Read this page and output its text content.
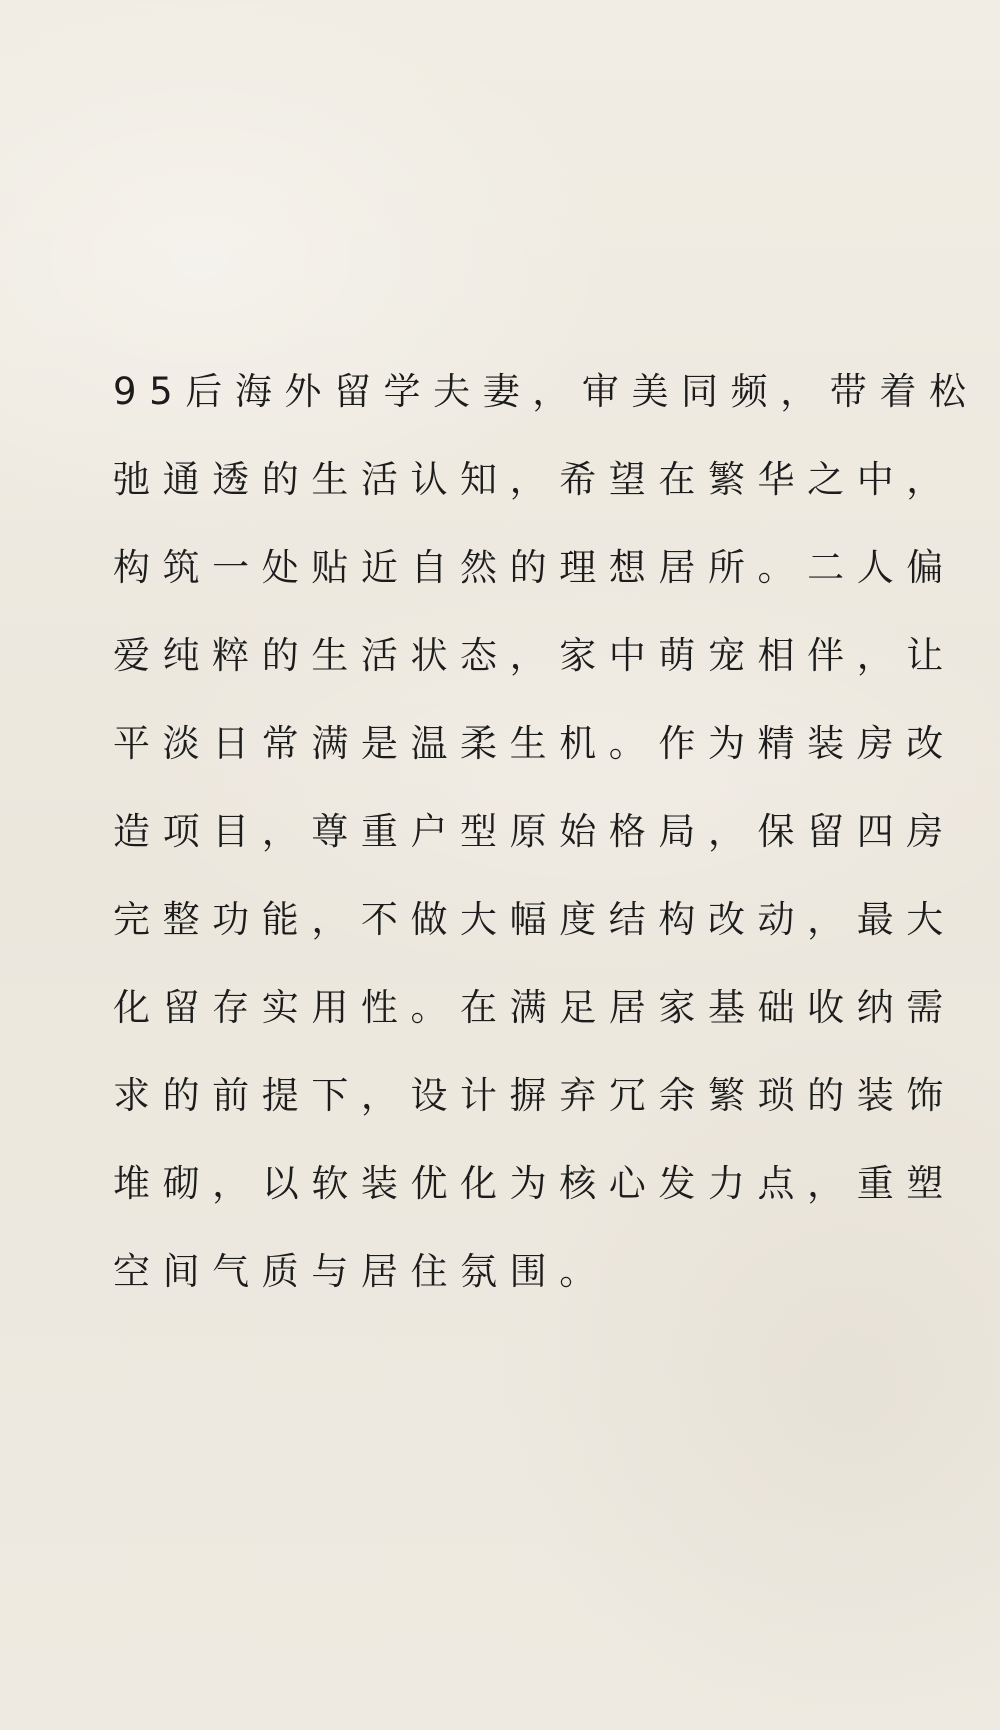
95后海外留学夫妻，审美同频，带着松
弛通透的生活认知，希望在繁华之中，
构筑一处贴近自然的理想居所。二人偏
爱纯粹的生活状态，家中萌宠相伴，让
平淡日常满是温柔生机。作为精装房改
造项目，尊重户型原始格局，保留四房
完整功能，不做大幅度结构改动，最大
化留存实用性。在满足居家基础收纳需
求的前提下，设计摒弃冗余繁琐的装饰
堆砌，以软装优化为核心发力点，重塑
空间气质与居住氛围。
